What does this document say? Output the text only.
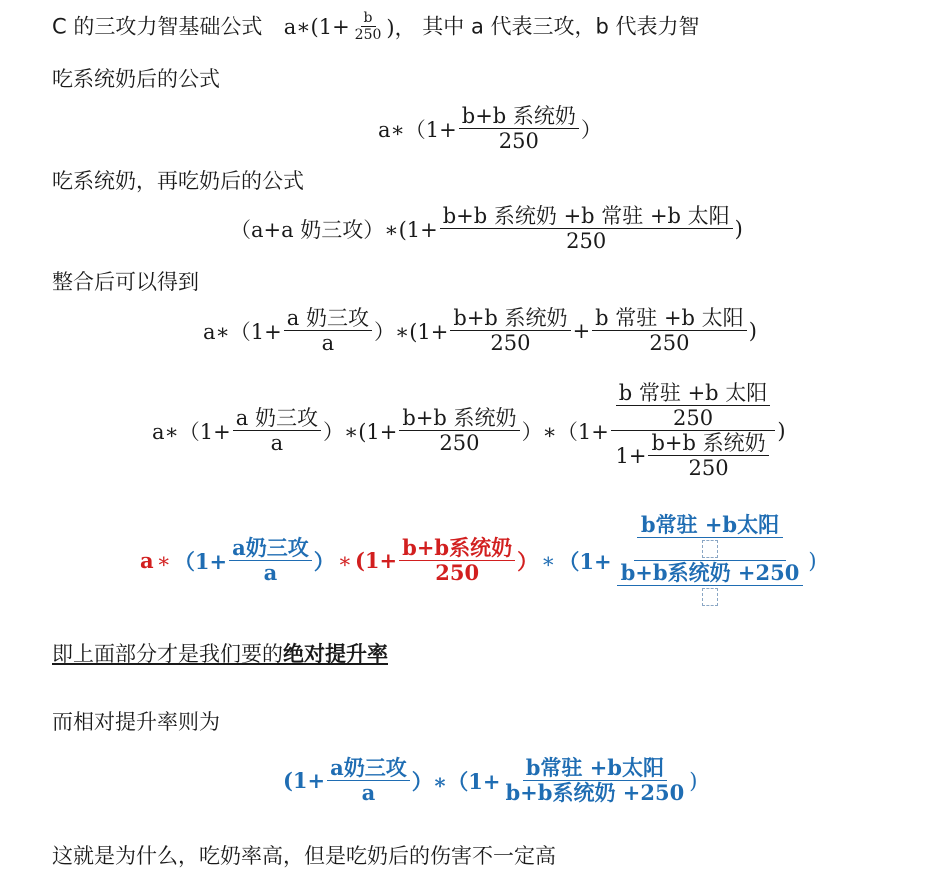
C 的三攻力智基础公式 a∗(1+ $\frac{b}{250}$ )， 其中 a 代表三攻，b 代表力智
吃系统奶后的公式
a∗（1+ $\frac{\text{b+b 系统奶}}{250}$ ）
吃系统奶，再吃奶后的公式
（a+a 奶三攻）∗(1+ $\frac{\text{b+b 系统奶 +b 常驻 +b 太阳}}{250}$ )
整合后可以得到
a∗（1+ $\frac{\text{a 奶三攻}}{a}$ ）∗(1+ $\frac{\text{b+b 系统奶}}{250} + \frac{\text{b 常驻 +b 太阳}}{250}$ )
a∗（1+ $\frac{\text{a 奶三攻}}{a}$ ）∗(1+ $\frac{\text{b+b 系统奶}}{250}$ ）∗（1+ $\frac{\frac{\text{b 常驻 +b 太阳}}{250}}{1+ \frac{\text{b+b 系统奶}}{250}}$ )
a ∗ （$1+ \frac{\text{a奶三攻}}{a}$ ） ∗ ($1+ \frac{\text{b+b系统奶}}{250}$ ） ∗ （$1+ \frac{\text{b常驻 +b太阳}}{\text{b+b系统奶 +250}}$ )
即上面部分才是我们要的绝对提升率
而相对提升率则为
($1+ \frac{\text{a奶三攻}}{a}$ ）∗（1+ $\frac{\text{b常驻 +b太阳}}{\text{b+b系统奶 +250}}$ )
这就是为什么，吃奶率高，但是吃奶后的伤害不一定高
